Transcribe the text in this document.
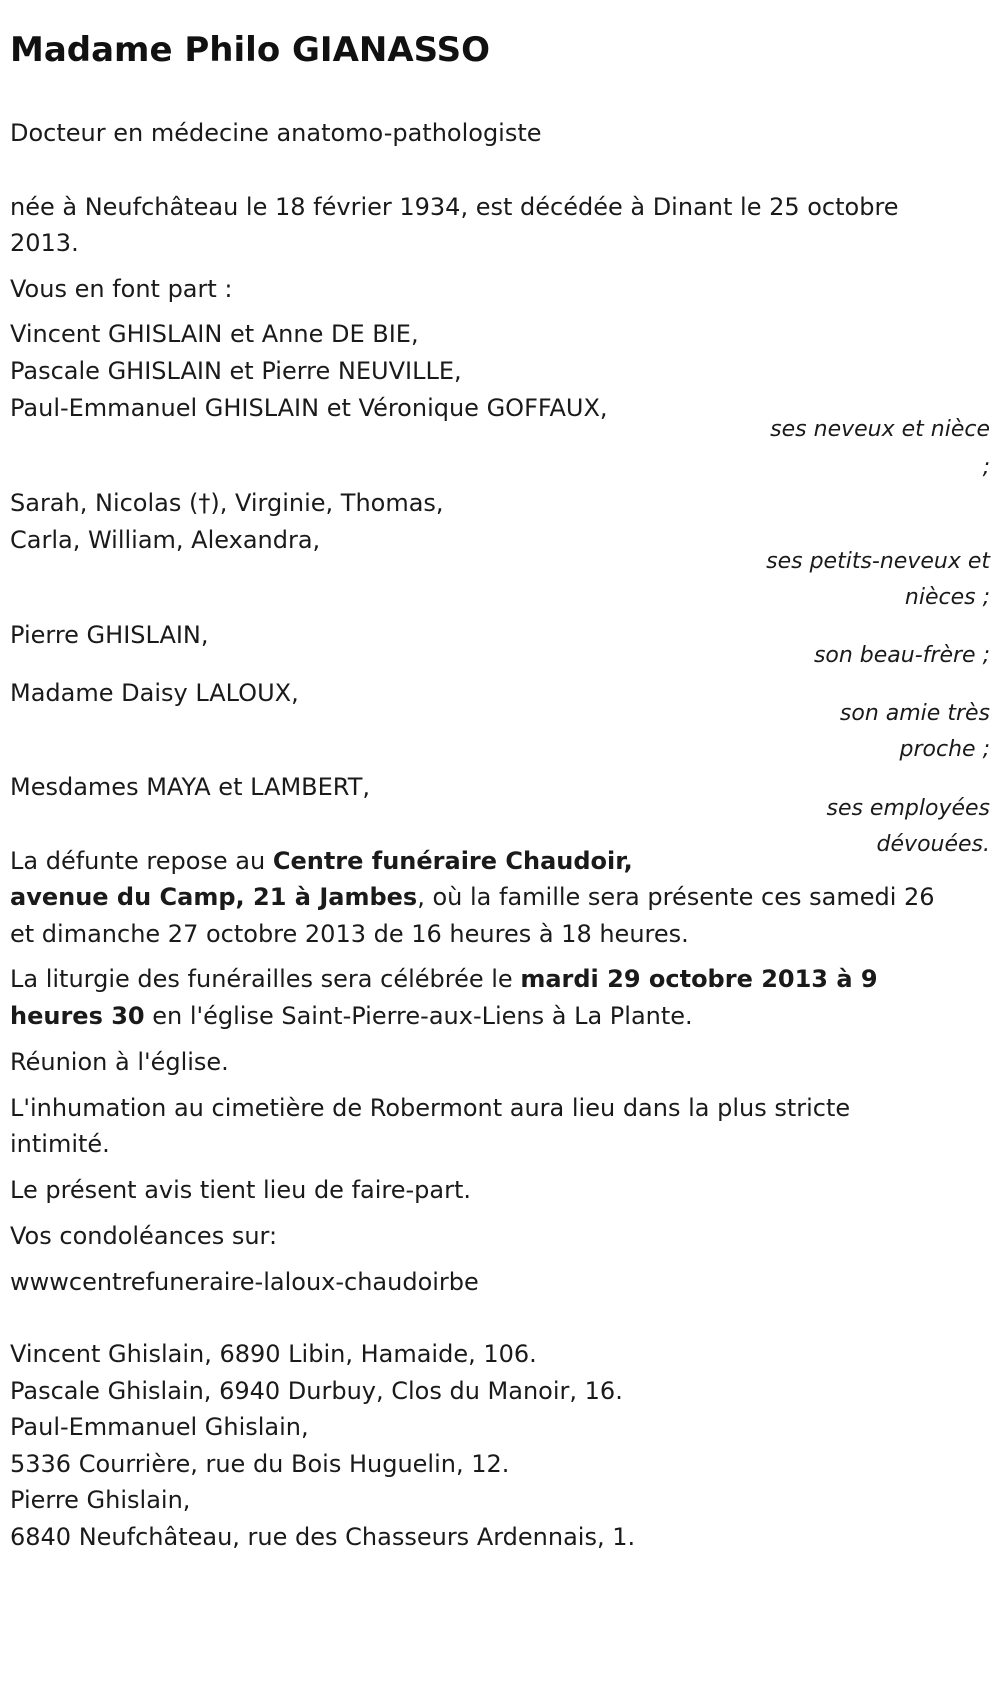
Madame Philo GIANASSO
Docteur en médecine anatomo-pathologiste
née à Neufchâteau le 18 février 1934, est décédée à Dinant le 25 octobre
2013.
Vous en font part :
Vincent GHISLAIN et Anne DE BIE,
Pascale GHISLAIN et Pierre NEUVILLE,
Paul-Emmanuel GHISLAIN et Véronique GOFFAUX,
ses neveux et nièce
;
Sarah, Nicolas (†), Virginie, Thomas,
Carla, William, Alexandra,
ses petits-neveux et
nièces ;
Pierre GHISLAIN,
son beau-frère ;
Madame Daisy LALOUX,
son amie très
proche ;
Mesdames MAYA et LAMBERT,
ses employées
dévouées.
La défunte repose au Centre funéraire Chaudoir,
avenue du Camp, 21 à Jambes, où la famille sera présente ces samedi 26
et dimanche 27 octobre 2013 de 16 heures à 18 heures.
La liturgie des funérailles sera célébrée le mardi 29 octobre 2013 à 9
heures 30 en l'église Saint-Pierre-aux-Liens à La Plante.
Réunion à l'église.
L'inhumation au cimetière de Robermont aura lieu dans la plus stricte
intimité.
Le présent avis tient lieu de faire-part.
Vos condoléances sur:
wwwcentrefuneraire-laloux-chaudoirbe
Vincent Ghislain, 6890 Libin, Hamaide, 106.
Pascale Ghislain, 6940 Durbuy, Clos du Manoir, 16.
Paul-Emmanuel Ghislain,
5336 Courrière, rue du Bois Huguelin, 12.
Pierre Ghislain,
6840 Neufchâteau, rue des Chasseurs Ardennais, 1.
